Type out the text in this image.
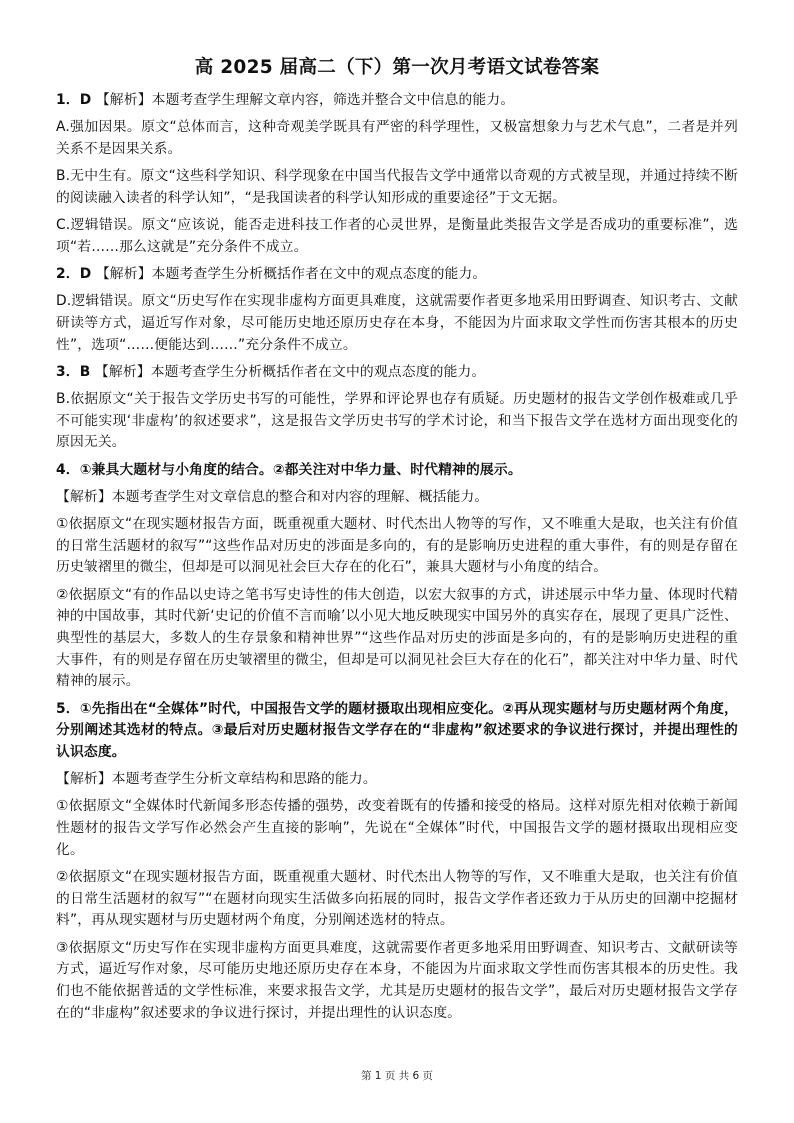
高 2025 届高二（下）第一次月考语文试卷答案
1．D 【解析】本题考查学生理解文章内容，筛选并整合文中信息的能力。
A.强加因果。原文“总体而言，这种奇观美学既具有严密的科学理性，又极富想象力与艺术气息”，二者是并列关系不是因果关系。
B.无中生有。原文“这些科学知识、科学现象在中国当代报告文学中通常以奇观的方式被呈现，并通过持续不断的阅读融入读者的科学认知”，“是我国读者的科学认知形成的重要途径”于文无据。
C.逻辑错误。原文“应该说，能否走进科技工作者的心灵世界，是衡量此类报告文学是否成功的重要标准”，选项“若……那么这就是”充分条件不成立。
2．D 【解析】本题考查学生分析概括作者在文中的观点态度的能力。
D.逻辑错误。原文“历史写作在实现非虚构方面更具难度，这就需要作者更多地采用田野调查、知识考古、文献研读等方式，逼近写作对象，尽可能历史地还原历史存在本身，不能因为片面求取文学性而伤害其根本的历史性”，选项“……便能达到……”充分条件不成立。
3．B 【解析】本题考查学生分析概括作者在文中的观点态度的能力。
B.依据原文“关于报告文学历史书写的可能性，学界和评论界也存有质疑。历史题材的报告文学创作极难或几乎不可能实现‘非虚构’的叙述要求”，这是报告文学历史书写的学术讨论，和当下报告文学在选材方面出现变化的原因无关。
4．①兼具大题材与小角度的结合。②都关注对中华力量、时代精神的展示。
【解析】本题考查学生对文章信息的整合和对内容的理解、概括能力。
①依据原文“在现实题材报告方面，既重视重大题材、时代杰出人物等的写作，又不唯重大是取，也关注有价值的日常生活题材的叙写”“这些作品对历史的涉面是多向的，有的是影响历史进程的重大事件，有的则是存留在历史皱褶里的微尘，但却是可以洞见社会巨大存在的化石”，兼具大题材与小角度的结合。
②依据原文“有的作品以史诗之笔书写史诗性的伟大创造，以宏大叙事的方式，讲述展示中华力量、体现时代精神的中国故事，其时代新‘史记的价值不言而喻’以小见大地反映现实中国另外的真实存在，展现了更具广泛性、典型性的基层大，多数人的生存景象和精神世界”“这些作品对历史的涉面是多向的，有的是影响历史进程的重大事件，有的则是存留在历史皱褶里的微尘，但却是可以洞见社会巨大存在的化石”，都关注对中华力量、时代精神的展示。
5．①先指出在“全媒体”时代，中国报告文学的题材摄取出现相应变化。②再从现实题材与历史题材两个角度，分别阐述其选材的特点。③最后对历史题材报告文学存在的“非虚构”叙述要求的争议进行探讨，并提出理性的认识态度。
【解析】本题考查学生分析文章结构和思路的能力。
①依据原文“全媒体时代新闻多形态传播的强势，改变着既有的传播和接受的格局。这样对原先相对依赖于新闻性题材的报告文学写作必然会产生直接的影响”，先说在“全媒体”时代，中国报告文学的题材摄取出现相应变化。
②依据原文“在现实题材报告方面，既重视重大题材、时代杰出人物等的写作，又不唯重大是取，也关注有价值的日常生活题材的叙写”“在题材向现实生活做多向拓展的同时，报告文学作者还致力于从历史的回潮中挖掘材料”，再从现实题材与历史题材两个角度，分别阐述选材的特点。
③依据原文“历史写作在实现非虚构方面更具难度，这就需要作者更多地采用田野调查、知识考古、文献研读等方式，逼近写作对象，尽可能历史地还原历史存在本身，不能因为片面求取文学性而伤害其根本的历史性。我们也不能依据普适的文学性标准，来要求报告文学，尤其是历史题材的报告文学”，最后对历史题材报告文学存在的“非虚构”叙述要求的争议进行探讨，并提出理性的认识态度。
第 1 页 共 6 页
